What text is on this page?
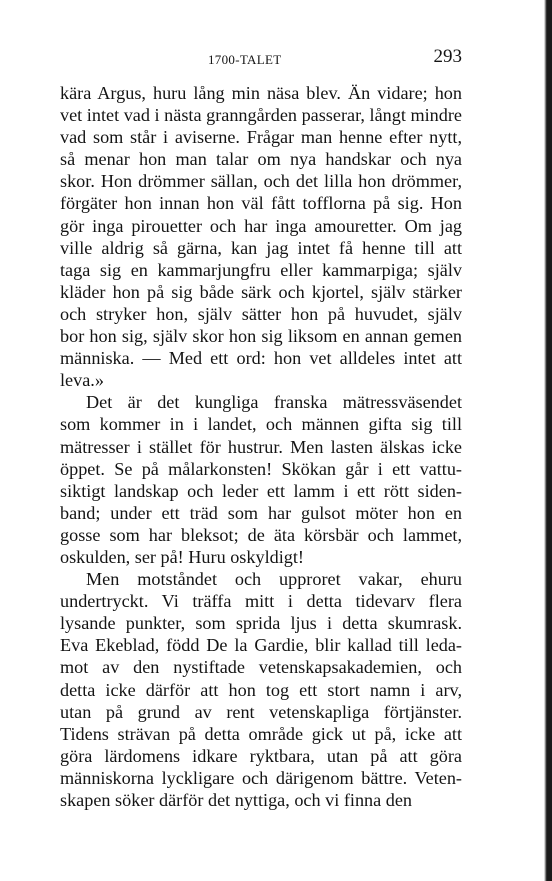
1700-TALET	293

kära Argus, huru lång min näsa blev. Än vidare; hon
vet intet vad i nästa granngården passerar, långt mindre
vad som står i aviserne. Frågar man henne efter nytt,
så menar hon man talar om nya handskar och nya
skor. Hon drömmer sällan, och det lilla hon drömmer,
förgäter hon innan hon väl fått tofflorna på sig. Hon
gör inga pirouetter och har inga amouretter. Om jag
ville aldrig så gärna, kan jag intet få henne till att
taga sig en kammarjungfru eller kammarpiga; själv
kläder hon på sig både särk och kjortel, själv stärker
och stryker hon, själv sätter hon på huvudet, själv
bor hon sig, själv skor hon sig liksom en annan gemen
människa. — Med ett ord: hon vet alldeles intet att
leva.»

Det är det kungliga franska mätressväsendet
som kommer in i landet, och männen gifta sig till
mätresser i stället för hustrur. Men lasten älskas icke
öppet. Se på målarkonsten! Skökan går i ett vattu-
siktigt landskap och leder ett lamm i ett rött siden-
band; under ett träd som har gulsot möter hon en
gosse som har bleksot; de äta körsbär och lammet,
oskulden, ser på! Huru oskyldigt!

Men motståndet och upproret vakar, ehuru
undertryckt. Vi träffa mitt i detta tidevarv flera
lysande punkter, som sprida ljus i detta skumrask.
Eva Ekeblad, född De la Gardie, blir kallad till leda-
mot av den nystiftade vetenskapsakademien, och
detta icke därför att hon tog ett stort namn i arv,
utan på grund av rent vetenskapliga förtjänster.
Tidens strävan på detta område gick ut på, icke att
göra lärdomens idkare ryktbara, utan på att göra
människorna lyckligare och därigenom bättre. Veten-
skapen söker därför det nyttiga, och vi finna den
